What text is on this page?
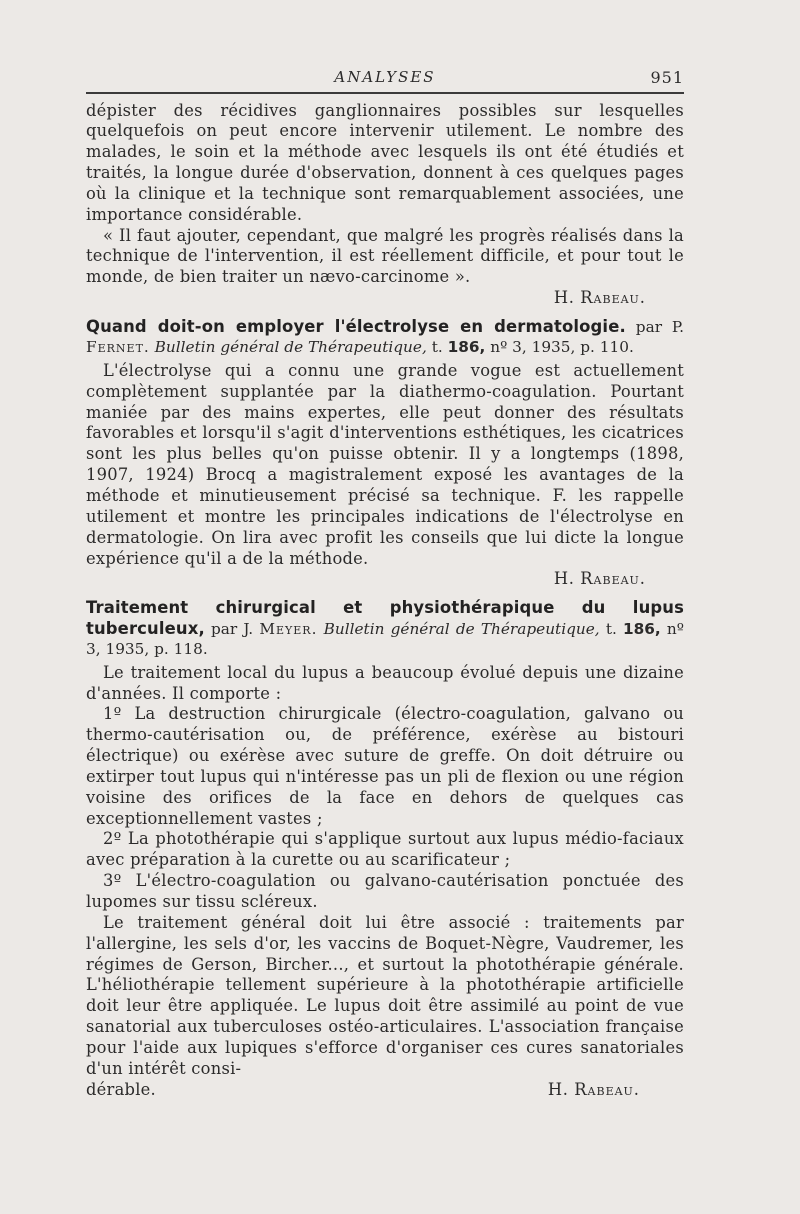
ANALYSES	951

dépister des récidives ganglionnaires possibles sur lesquelles quelquefois on peut encore intervenir utilement. Le nombre des malades, le soin et la méthode avec lesquels ils ont été étudiés et traités, la longue durée d'observation, donnent à ces quelques pages où la clinique et la technique sont remarquablement associées, une importance considérable.

« Il faut ajouter, cependant, que malgré les progrès réalisés dans la technique de l'intervention, il est réellement difficile, et pour tout le monde, de bien traiter un nævo-carcinome ».

H. Rabeau.
Quand doit-on employer l'électrolyse en dermatologie. par P. Fernet. Bulletin général de Thérapeutique, t. 186, nº 3, 1935, p. 110.

L'électrolyse qui a connu une grande vogue est actuellement complètement supplantée par la diathermo-coagulation. Pourtant maniée par des mains expertes, elle peut donner des résultats favorables et lorsqu'il s'agit d'interventions esthétiques, les cicatrices sont les plus belles qu'on puisse obtenir. Il y a longtemps (1898, 1907, 1924) Brocq a magistralement exposé les avantages de la méthode et minutieusement précisé sa technique. F. les rappelle utilement et montre les principales indications de l'électrolyse en dermatologie. On lira avec profit les conseils que lui dicte la longue expérience qu'il a de la méthode.

H. Rabeau.
Traitement chirurgical et physiothérapique du lupus tuberculeux, par J. Meyer. Bulletin général de Thérapeutique, t. 186, nº 3, 1935, p. 118.

Le traitement local du lupus a beaucoup évolué depuis une dizaine d'années. Il comporte :

1º La destruction chirurgicale (électro-coagulation, galvano ou thermo-cautérisation ou, de préférence, exérèse au bistouri électrique) ou exérèse avec suture de greffe. On doit détruire ou extirper tout lupus qui n'intéresse pas un pli de flexion ou une région voisine des orifices de la face en dehors de quelques cas exceptionnellement vastes ;

2º La photothérapie qui s'applique surtout aux lupus médio-faciaux avec préparation à la curette ou au scarificateur ;

3º L'électro-coagulation ou galvano-cautérisation ponctuée des lupomes sur tissu scléreux.

Le traitement général doit lui être associé : traitements par l'allergine, les sels d'or, les vaccins de Boquet-Nègre, Vaudremer, les régimes de Gerson, Bircher..., et surtout la photothérapie générale. L'héliothérapie tellement supérieure à la photothérapie artificielle doit leur être appliquée. Le lupus doit être assimilé au point de vue sanatorial aux tuberculoses ostéo-articulaires. L'association française pour l'aide aux lupiques s'efforce d'organiser ces cures sanatoriales d'un intérêt consi-

dérable.	H. Rabeau.
